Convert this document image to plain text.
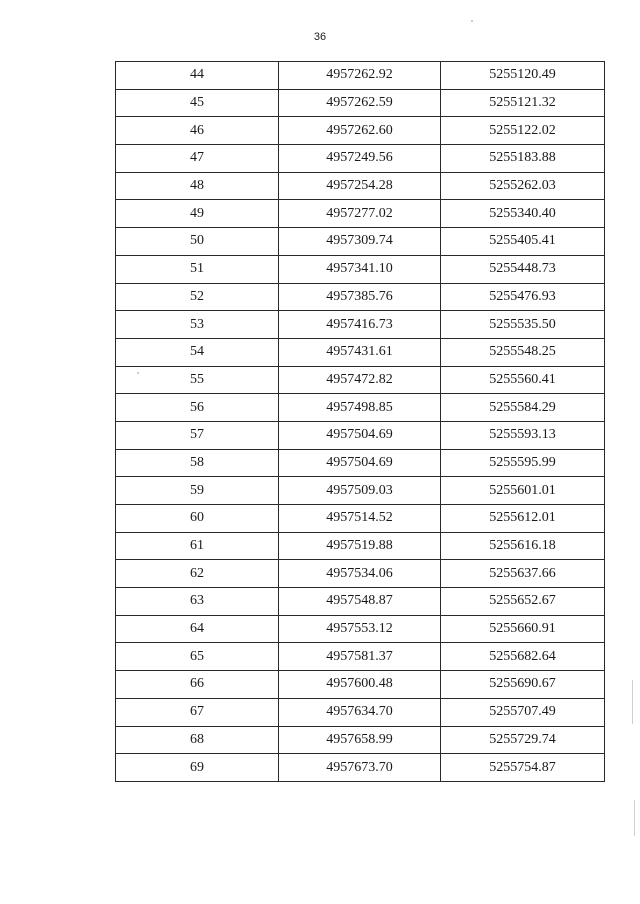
36
44	4957262.92	5255120.49
45	4957262.59	5255121.32
46	4957262.60	5255122.02
47	4957249.56	5255183.88
48	4957254.28	5255262.03
49	4957277.02	5255340.40
50	4957309.74	5255405.41
51	4957341.10	5255448.73
52	4957385.76	5255476.93
53	4957416.73	5255535.50
54	4957431.61	5255548.25
55	4957472.82	5255560.41
56	4957498.85	5255584.29
57	4957504.69	5255593.13
58	4957504.69	5255595.99
59	4957509.03	5255601.01
60	4957514.52	5255612.01
61	4957519.88	5255616.18
62	4957534.06	5255637.66
63	4957548.87	5255652.67
64	4957553.12	5255660.91
65	4957581.37	5255682.64
66	4957600.48	5255690.67
67	4957634.70	5255707.49
68	4957658.99	5255729.74
69	4957673.70	5255754.87
